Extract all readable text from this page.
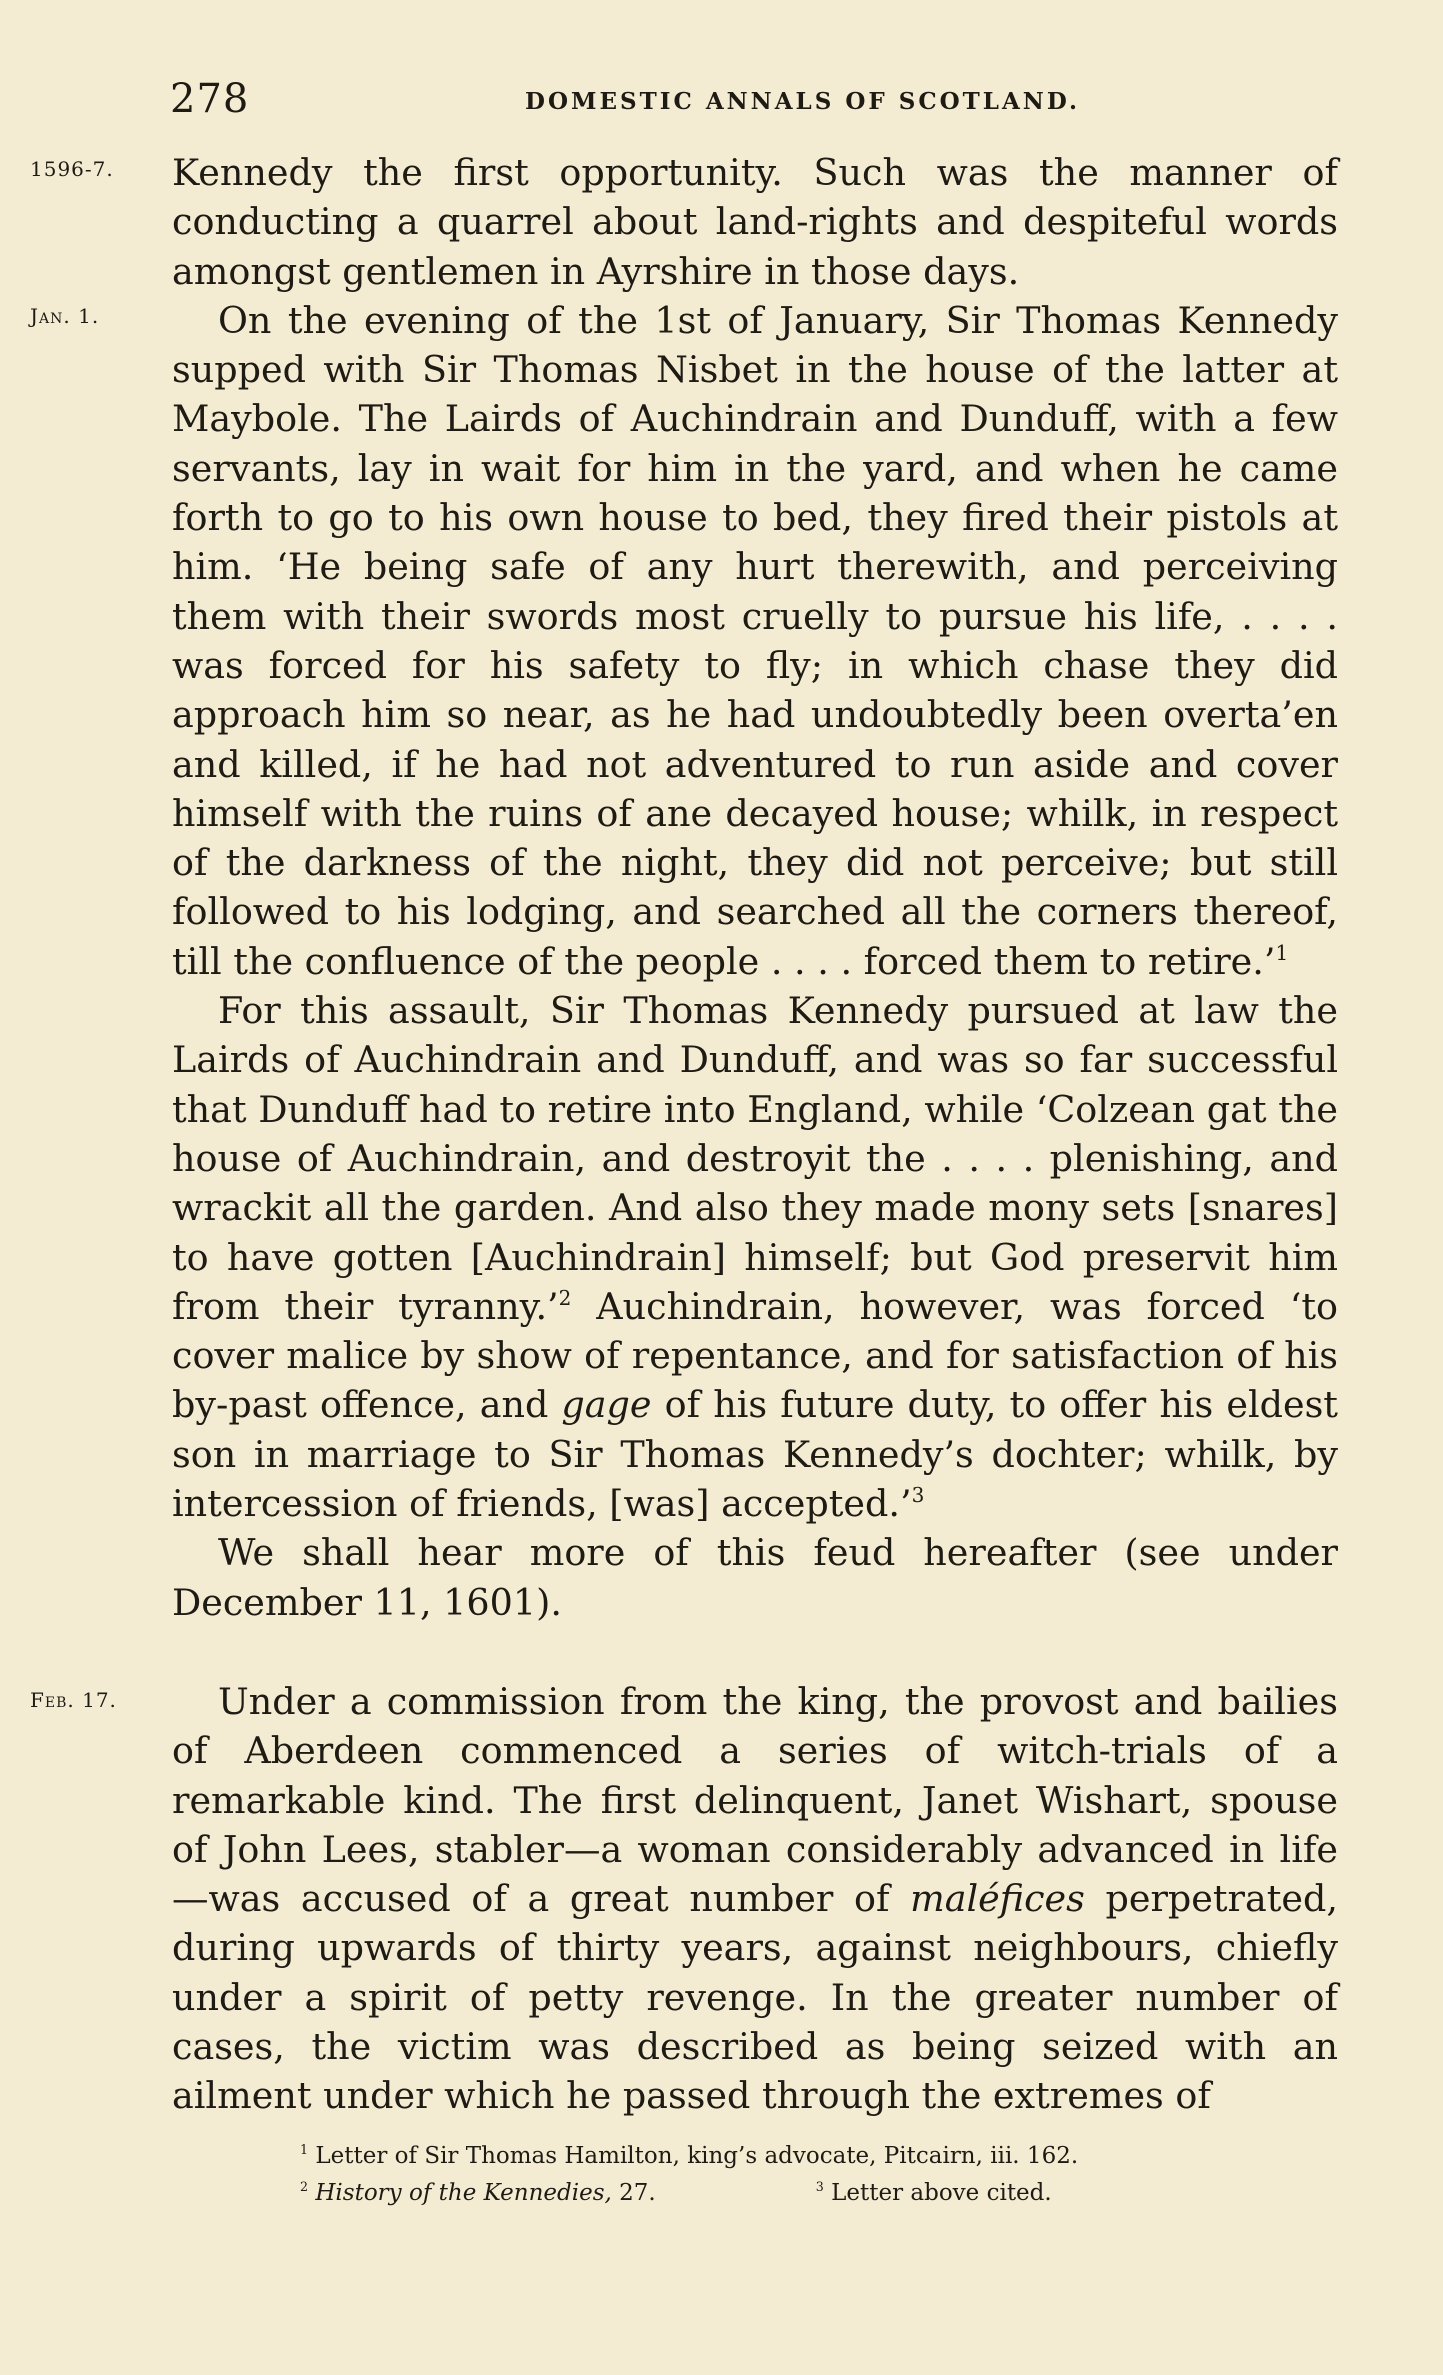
278	DOMESTIC ANNALS OF SCOTLAND.
1596-7.
Jan. 1.
Feb. 17.

Kennedy the first opportunity. Such was the manner of conducting a quarrel about land-rights and despiteful words amongst gentlemen in Ayrshire in those days.

On the evening of the 1st of January, Sir Thomas Kennedy supped with Sir Thomas Nisbet in the house of the latter at Maybole. The Lairds of Auchindrain and Dunduff, with a few servants, lay in wait for him in the yard, and when he came forth to go to his own house to bed, they fired their pistols at him. ‘He being safe of any hurt therewith, and perceiving them with their swords most cruelly to pursue his life, . . . . was forced for his safety to fly; in which chase they did approach him so near, as he had undoubtedly been overta’en and killed, if he had not adventured to run aside and cover himself with the ruins of ane decayed house; whilk, in respect of the darkness of the night, they did not perceive; but still followed to his lodging, and searched all the corners thereof, till the confluence of the people . . . . forced them to retire.’$^1$

For this assault, Sir Thomas Kennedy pursued at law the Lairds of Auchindrain and Dunduff, and was so far successful that Dunduff had to retire into England, while ‘Colzean gat the house of Auchindrain, and destroyit the . . . . plenishing, and wrackit all the garden. And also they made mony sets [snares] to have gotten [Auchindrain] himself; but God preservit him from their tyranny.’$^2$ Auchindrain, however, was forced ‘to cover malice by show of repentance, and for satisfaction of his by-past offence, and gage of his future duty, to offer his eldest son in marriage to Sir Thomas Kennedy’s dochter; whilk, by intercession of friends, [was] accepted.’$^3$

We shall hear more of this feud hereafter (see under December 11, 1601).

Under a commission from the king, the provost and bailies of Aberdeen commenced a series of witch-trials of a remarkable kind. The first delinquent, Janet Wishart, spouse of John Lees, stabler—a woman considerably advanced in life—was accused of a great number of maléfices perpetrated, during upwards of thirty years, against neighbours, chiefly under a spirit of petty revenge. In the greater number of cases, the victim was described as being seized with an ailment under which he passed through the extremes of

$^1$ Letter of Sir Thomas Hamilton, king’s advocate, Pitcairn, iii. 162.
$^2$ History of the Kennedies, 27.	$^3$ Letter above cited.
